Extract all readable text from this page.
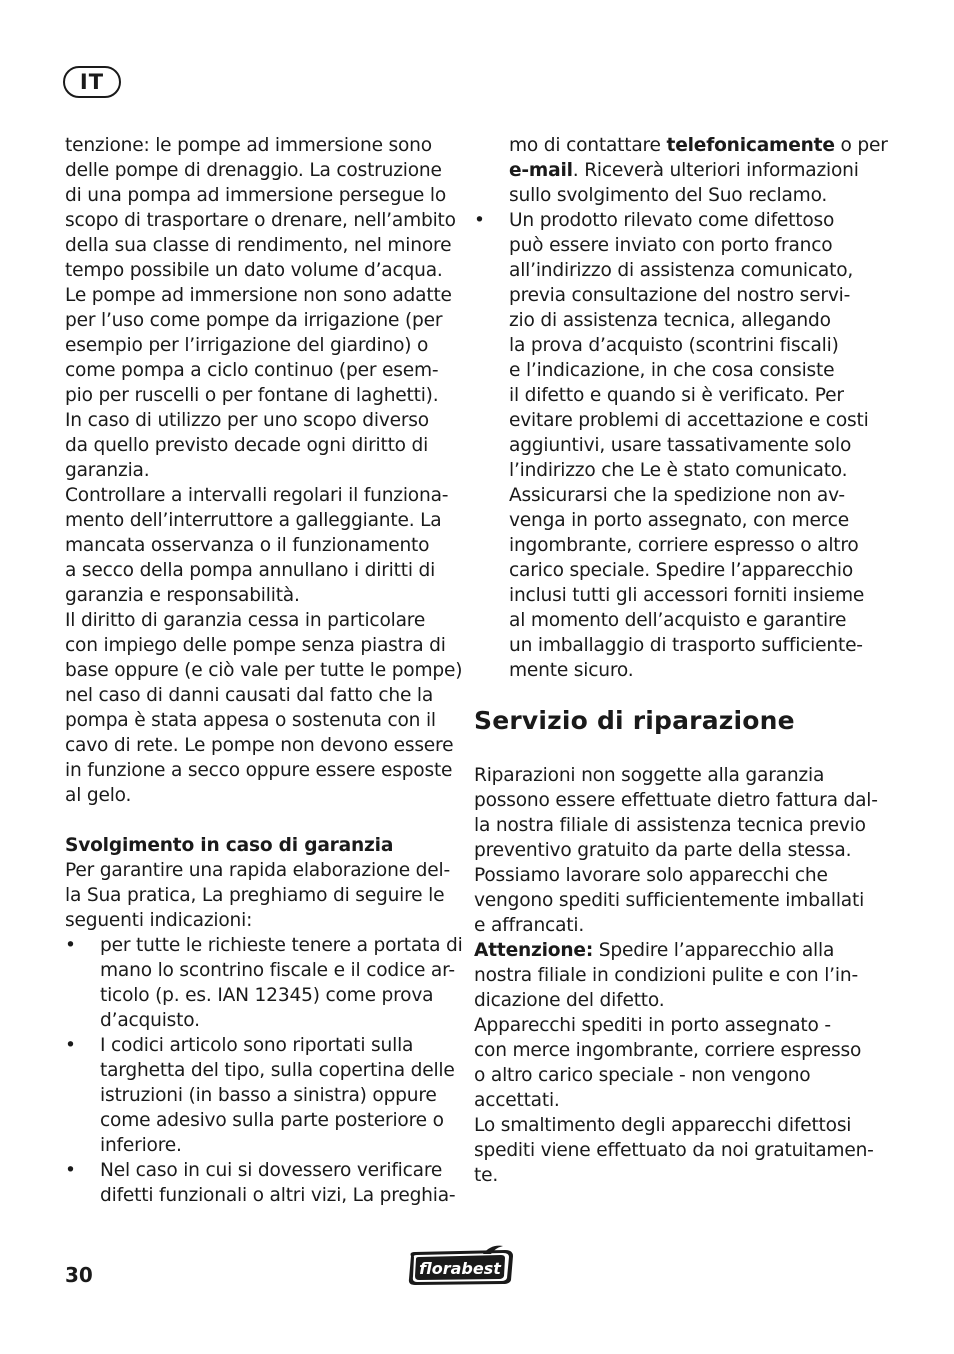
IT
tenzione: le pompe ad immersione sono
delle pompe di drenaggio. La costruzione
di una pompa ad immersione persegue lo
scopo di trasportare o drenare, nell’ambito
della sua classe di rendimento, nel minore
tempo possibile un dato volume d’acqua.
Le pompe ad immersione non sono adatte
per l’uso come pompe da irrigazione (per
esempio per l’irrigazione del giardino) o
come pompa a ciclo continuo (per esem-
pio per ruscelli o per fontane di laghetti).
In caso di utilizzo per uno scopo diverso
da quello previsto decade ogni diritto di
garanzia.
Controllare a intervalli regolari il funziona-
mento dell’interruttore a galleggiante. La
mancata osservanza o il funzionamento
a secco della pompa annullano i diritti di
garanzia e responsabilità.
Il diritto di garanzia cessa in particolare
con impiego delle pompe senza piastra di
base oppure (e ciò vale per tutte le pompe)
nel caso di danni causati dal fatto che la
pompa è stata appesa o sostenuta con il
cavo di rete. Le pompe non devono essere
in funzione a secco oppure essere esposte
al gelo.
Svolgimento in caso di garanzia
Per garantire una rapida elaborazione del-
la Sua pratica, La preghiamo di seguire le
seguenti indicazioni:
• per tutte le richieste tenere a portata di
mano lo scontrino fiscale e il codice ar-
ticolo (p. es. IAN 12345) come prova
d’acquisto.
• I codici articolo sono riportati sulla
targhetta del tipo, sulla copertina delle
istruzioni (in basso a sinistra) oppure
come adesivo sulla parte posteriore o
inferiore.
• Nel caso in cui si dovessero verificare
difetti funzionali o altri vizi, La preghia-
mo di contattare telefonicamente o per
e-mail. Riceverà ulteriori informazioni
sullo svolgimento del Suo reclamo.
• Un prodotto rilevato come difettoso
può essere inviato con porto franco
all’indirizzo di assistenza comunicato,
previa consultazione del nostro servi-
zio di assistenza tecnica, allegando
la prova d’acquisto (scontrini fiscali)
e l’indicazione, in che cosa consiste
il difetto e quando si è verificato. Per
evitare problemi di accettazione e costi
aggiuntivi, usare tassativamente solo
l’indirizzo che Le è stato comunicato.
Assicurarsi che la spedizione non av-
venga in porto assegnato, con merce
ingombrante, corriere espresso o altro
carico speciale. Spedire l’apparecchio
inclusi tutti gli accessori forniti insieme
al momento dell’acquisto e garantire
un imballaggio di trasporto sufficiente-
mente sicuro.
Servizio di riparazione
Riparazioni non soggette alla garanzia
possono essere effettuate dietro fattura dal-
la nostra filiale di assistenza tecnica previo
preventivo gratuito da parte della stessa.
Possiamo lavorare solo apparecchi che
vengono spediti sufficientemente imballati
e affrancati.
Attenzione: Spedire l’apparecchio alla
nostra filiale in condizioni pulite e con l’in-
dicazione del difetto.
Apparecchi spediti in porto assegnato -
con merce ingombrante, corriere espresso
o altro carico speciale - non vengono
accettati.
Lo smaltimento degli apparecchi difettosi
spediti viene effettuato da noi gratuitamen-
te.
30	florabest
